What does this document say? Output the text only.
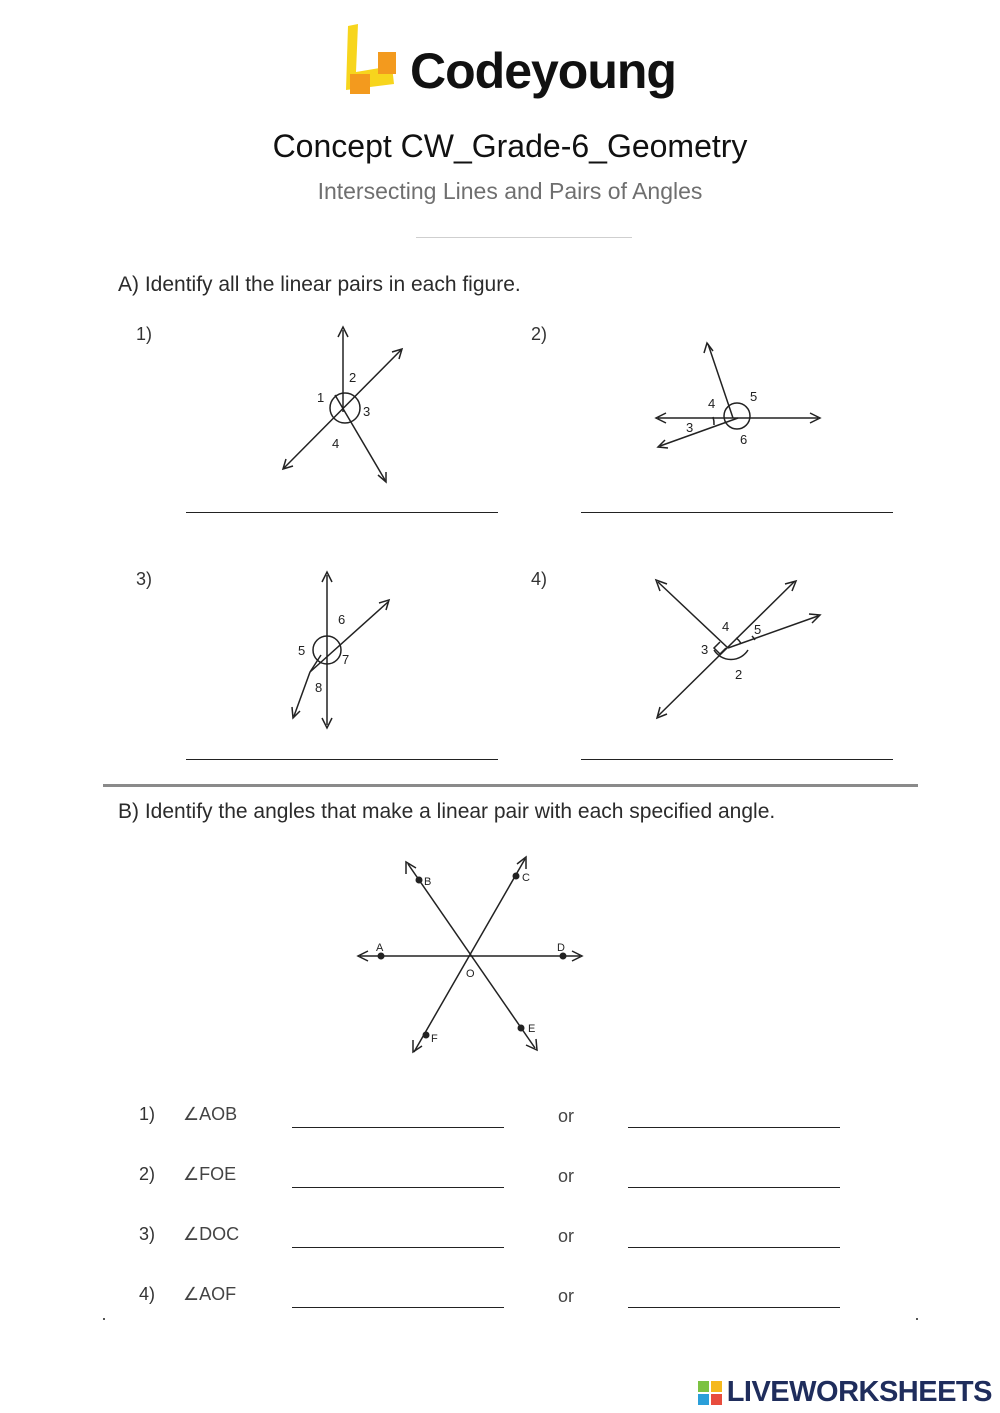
Codeyoung
Concept CW_Grade-6_Geometry
Intersecting Lines and Pairs of Angles
A) Identify all the linear pairs in each figure.
1)
1
2
3
4
2)
3
4	5
6
3)
5
6
7
8
4)
2
3
4 5
B) Identify the angles that make a linear pair with each specified angle.
A
B	C
D
E
F
O
1) ∠AOB	or
2) ∠FOE	or
3) ∠DOC	or
4) ∠AOF	or
LIVEWORKSHEETS
